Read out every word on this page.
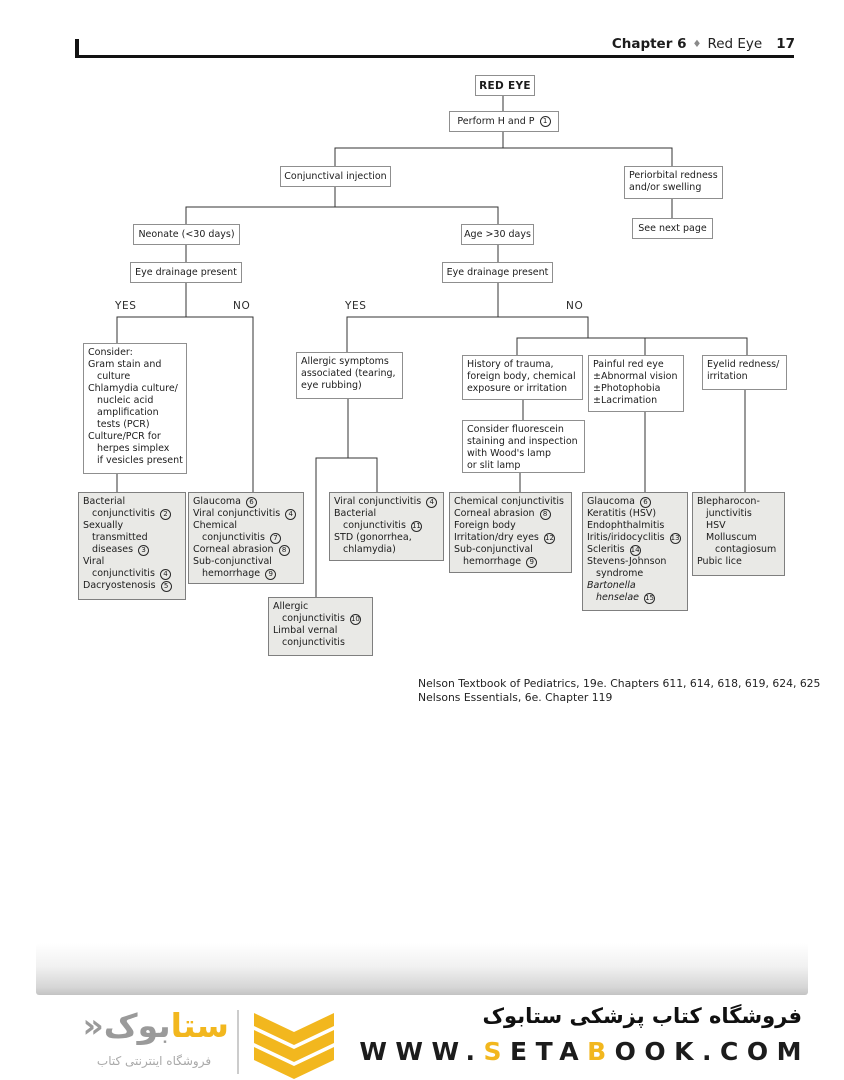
Chapter 6 ♦ Red Eye 17
RED EYE
Perform H and P 1
Conjunctival injection	Periorbital redness
and/or swelling
See next page
Neonate (<30 days)	Age >30 days
Eye drainage present	Eye drainage present
Consider:
Gram stain and
culture
Chlamydia culture/
nucleic acid
amplification
tests (PCR)
Culture/PCR for
herpes simplex
if vesicles present
Allergic symptoms
associated (tearing,
eye rubbing)
History of trauma,
foreign body, chemical
exposure or irritation
Painful red eye
±Abnormal vision
±Photophobia
±Lacrimation
Eyelid redness/
irritation
Consider fluorescein
staining and inspection
with Wood's lamp
or slit lamp
YES	NO	YES	NO
Bacterial
conjunctivitis 2
Sexually
transmitted
diseases 3
Viral
conjunctivitis 4
Dacryostenosis 5
Glaucoma 6
Viral conjunctivitis 4
Chemical
conjunctivitis 7
Corneal abrasion 8
Sub-conjunctival
hemorrhage 9
Viral conjunctivitis 4
Bacterial
conjunctivitis 11
STD (gonorrhea,
chlamydia)
Chemical conjunctivitis
Corneal abrasion 8
Foreign body
Irritation/dry eyes 12
Sub-conjunctival
hemorrhage 9
Glaucoma 6
Keratitis (HSV)
Endophthalmitis
Iritis/iridocyclitis 13
Scleritis 14
Stevens-Johnson
syndrome
Bartonella
henselae 15
Blepharocon-
junctivitis
HSV
Molluscum
contagiosum
Pubic lice
Allergic
conjunctivitis 10
Limbal vernal
conjunctivitis
Nelson Textbook of Pediatrics, 19e. Chapters 611, 614, 618, 619, 624, 625
Nelsons Essentials, 6e. Chapter 119
ستابوک«
فروشگاه اینترنتی کتاب
فروشگاه کتاب پزشکی ستابوک
WWW.SETABOOK.COM
